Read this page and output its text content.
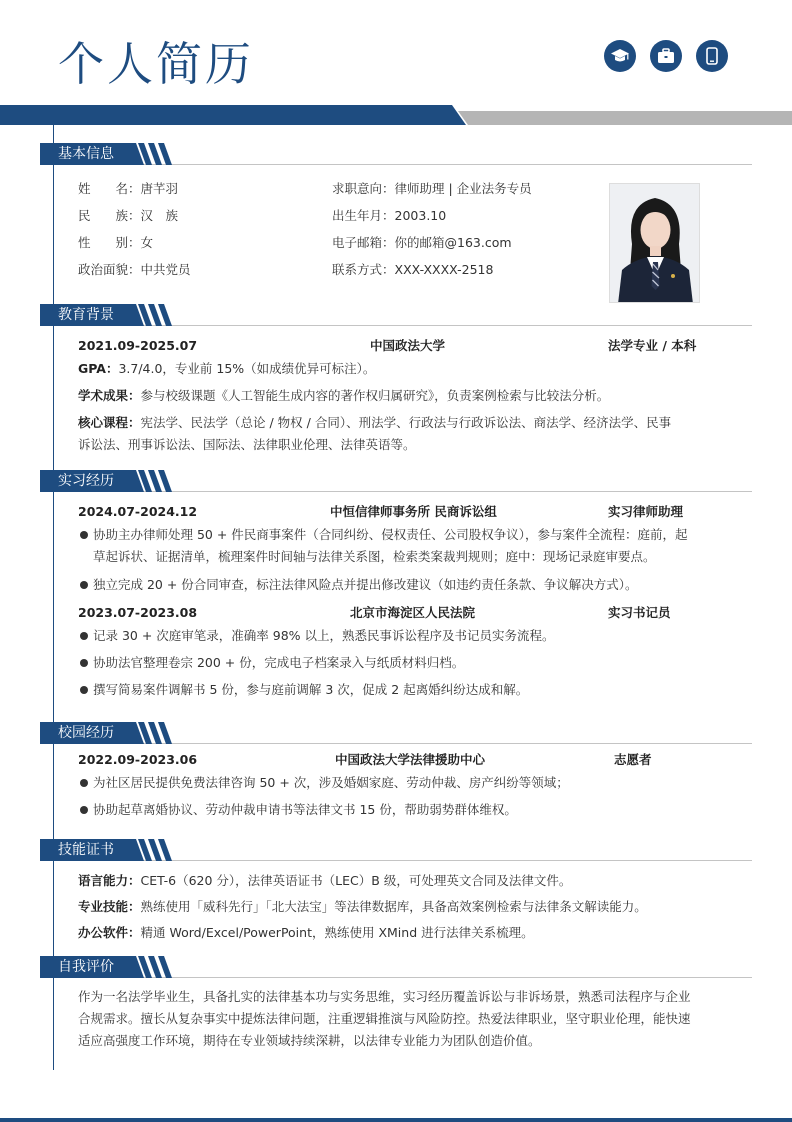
个人简历
基本信息
教育背景
实习经历
校园经历
技能证书
自我评价
姓　　名：唐芊羽
民　　族：汉　族
性　　别：女
政治面貌：中共党员
求职意向：律师助理 | 企业法务专员
出生年月：2003.10
电子邮箱：你的邮箱@163.com
联系方式：XXX-XXXX-2518
2021.09-2025.07	中国政法大学	法学专业 / 本科
GPA：3.7/4.0，专业前 15%（如成绩优异可标注）。
学术成果：参与校级课题《人工智能生成内容的著作权归属研究》，负责案例检索与比较法分析。
核心课程：宪法学、民法学（总论 / 物权 / 合同）、刑法学、行政法与行政诉讼法、商法学、经济法学、民事
诉讼法、刑事诉讼法、国际法、法律职业伦理、法律英语等。
2024.07-2024.12	中恒信律师事务所 民商诉讼组	实习律师助理
协助主办律师处理 50 + 件民商事案件（合同纠纷、侵权责任、公司股权争议），参与案件全流程：庭前，起
草起诉状、证据清单，梳理案件时间轴与法律关系图，检索类案裁判规则；庭中：现场记录庭审要点。
独立完成 20 + 份合同审查，标注法律风险点并提出修改建议（如违约责任条款、争议解决方式）。
2023.07-2023.08	北京市海淀区人民法院	实习书记员
记录 30 + 次庭审笔录，准确率 98% 以上，熟悉民事诉讼程序及书记员实务流程。
协助法官整理卷宗 200 + 份，完成电子档案录入与纸质材料归档。
撰写简易案件调解书 5 份，参与庭前调解 3 次，促成 2 起离婚纠纷达成和解。
2022.09-2023.06	中国政法大学法律援助中心	志愿者
为社区居民提供免费法律咨询 50 + 次，涉及婚姻家庭、劳动仲裁、房产纠纷等领域；
协助起草离婚协议、劳动仲裁申请书等法律文书 15 份，帮助弱势群体维权。
语言能力：CET-6（620 分），法律英语证书（LEC）B 级，可处理英文合同及法律文件。
专业技能：熟练使用「威科先行」「北大法宝」等法律数据库，具备高效案例检索与法律条文解读能力。
办公软件：精通 Word/Excel/PowerPoint，熟练使用 XMind 进行法律关系梳理。
作为一名法学毕业生，具备扎实的法律基本功与实务思维，实习经历覆盖诉讼与非诉场景，熟悉司法程序与企业
合规需求。擅长从复杂事实中提炼法律问题，注重逻辑推演与风险防控。热爱法律职业，坚守职业伦理，能快速
适应高强度工作环境，期待在专业领域持续深耕，以法律专业能力为团队创造价值。
